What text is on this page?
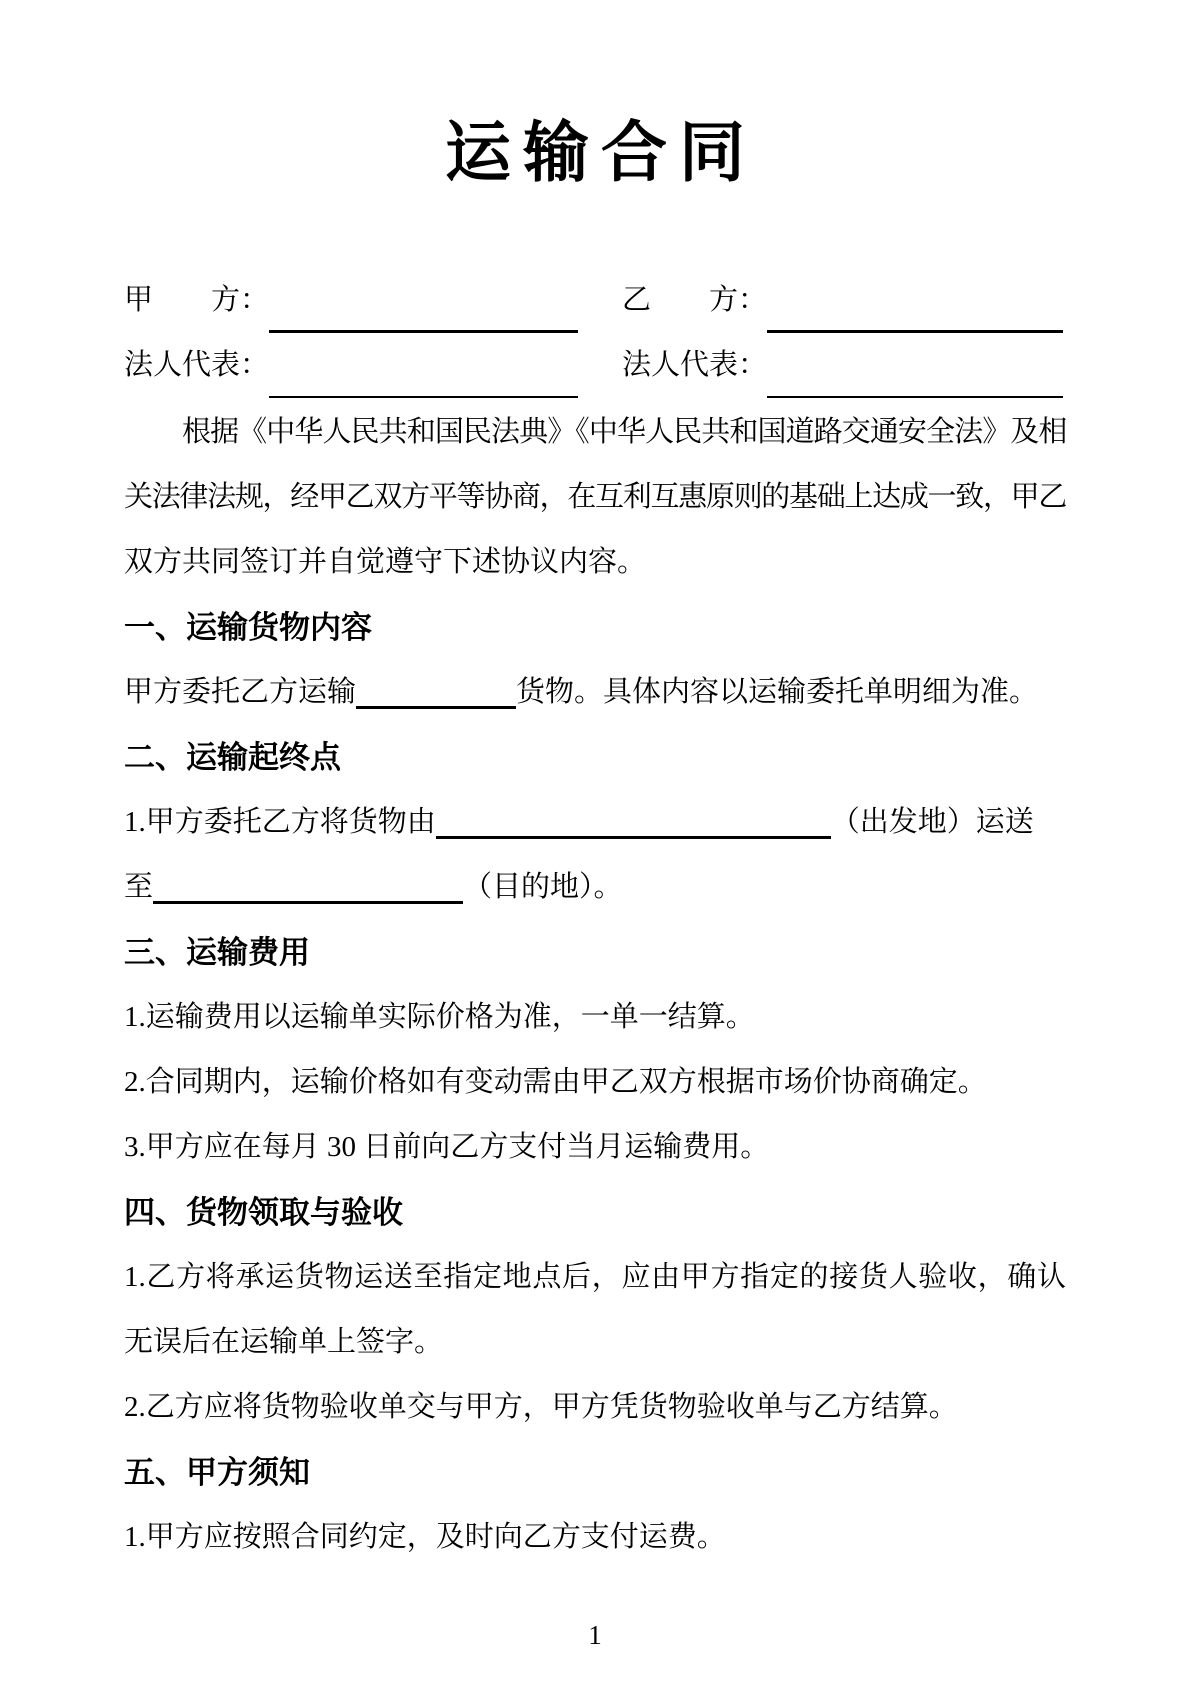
运输合同
甲　　方：	乙　　方：
法人代表：	法人代表：

根据《中华人民共和国民法典》《中华人民共和国道路交通安全法》及相

关法律法规，经甲乙双方平等协商，在互利互惠原则的基础上达成一致，甲乙

双方共同签订并自觉遵守下述协议内容。

一、运输货物内容

甲方委托乙方运输	货物。具体内容以运输委托单明细为准。

二、运输起终点

1.甲方委托乙方将货物由	（出发地）运送

至	（目的地）。

三、运输费用

1.运输费用以运输单实际价格为准，一单一结算。

2.合同期内，运输价格如有变动需由甲乙双方根据市场价协商确定。

3.甲方应在每月 30 日前向乙方支付当月运输费用。

四、货物领取与验收

1.乙方将承运货物运送至指定地点后，应由甲方指定的接货人验收，确认

无误后在运输单上签字。

2.乙方应将货物验收单交与甲方，甲方凭货物验收单与乙方结算。

五、甲方须知

1.甲方应按照合同约定，及时向乙方支付运费。

1
